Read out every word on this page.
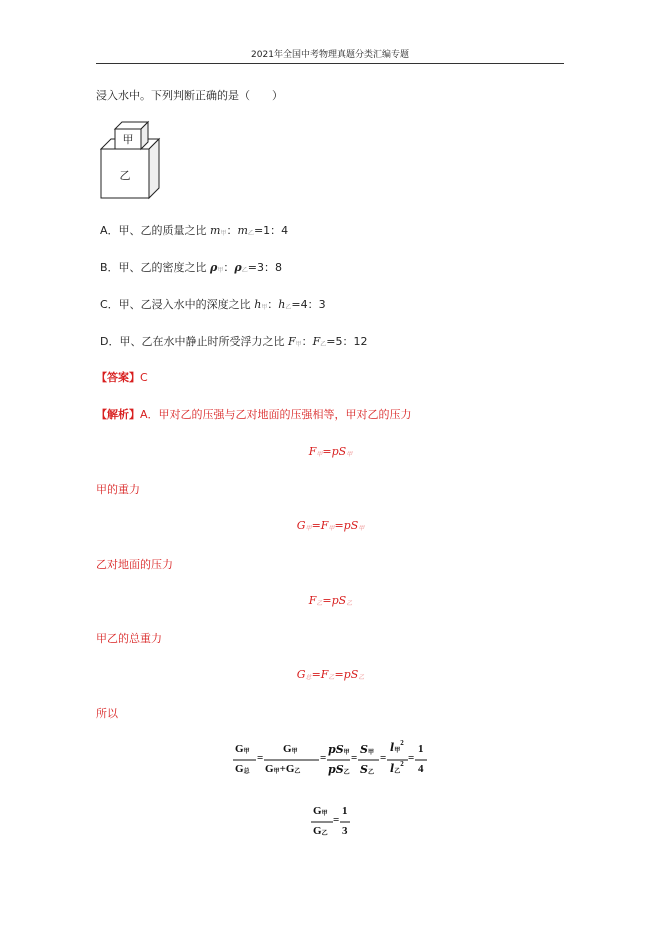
2021年全国中考物理真题分类汇编专题
浸入水中。下列判断正确的是（　　）
甲
乙
A．甲、乙的质量之比 m甲：m乙=1：4
B．甲、乙的密度之比 ρ甲：ρ乙=3：8
C．甲、乙浸入水中的深度之比 h甲：h乙=4：3
D．甲、乙在水中静止时所受浮力之比 F甲：F乙=5：12
【答案】C
【解析】A．甲对乙的压强与乙对地面的压强相等，甲对乙的压力
F甲=pS甲
甲的重力
G甲=F甲=pS甲
乙对地面的压力
F乙=pS乙
甲乙的总重力
G总=F乙=pS乙
所以
G甲
G总
=
G甲
G甲+G乙
=
pS甲
pS乙
=
S甲
S乙
=
l甲$^2$
l乙$^2$ =
1
4
G甲
G乙
=
1
3
